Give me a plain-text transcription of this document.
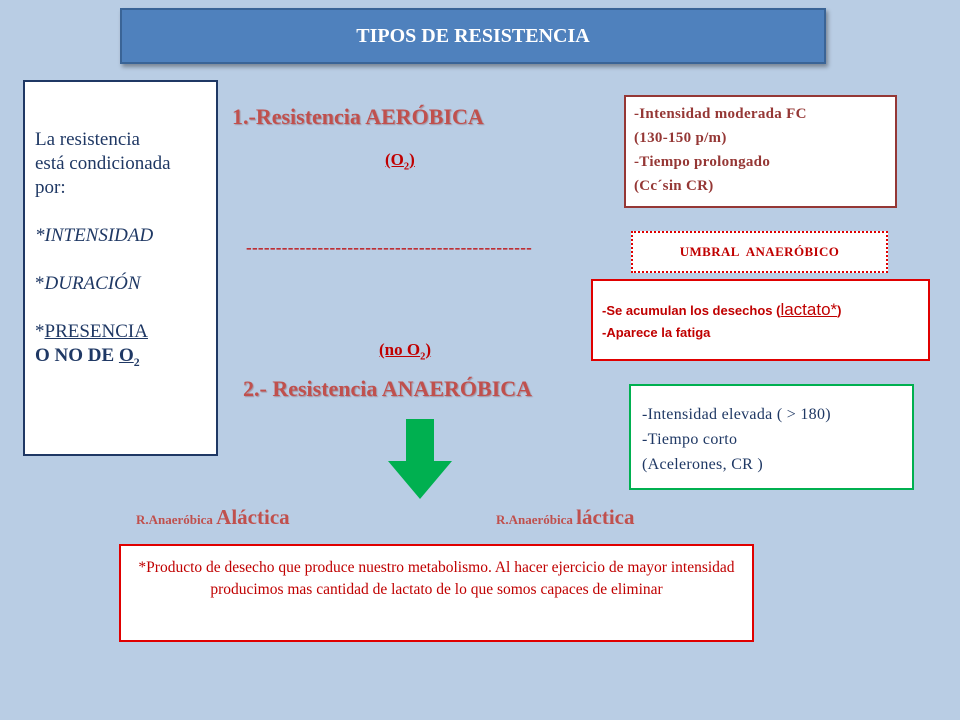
TIPOS DE RESISTENCIA
La resistencia
está condicionada
por:
*INTENSIDAD
*DURACIÓN
*PRESENCIA
O NO DE $O_2$
1.-Resistencia AERÓBICA
$(O_2)$
-Intensidad moderada FC
(130-150 p/m)
-Tiempo prolongado
(Cc´sin CR)
------------------------------------------------	UMBRAL  ANAERÓBICO
-Se acumulan los desechos (lactato*)
-Aparece la fatiga
(no $O_2$)
2.- Resistencia ANAERÓBICA
-Intensidad elevada ( > 180)
-Tiempo corto
(Acelerones, CR )
R.Anaeróbica Aláctica	R.Anaeróbica láctica
*Producto de desecho que produce nuestro metabolismo. Al hacer ejercicio de mayor intensidad producimos mas cantidad de lactato de lo que somos capaces de eliminar
